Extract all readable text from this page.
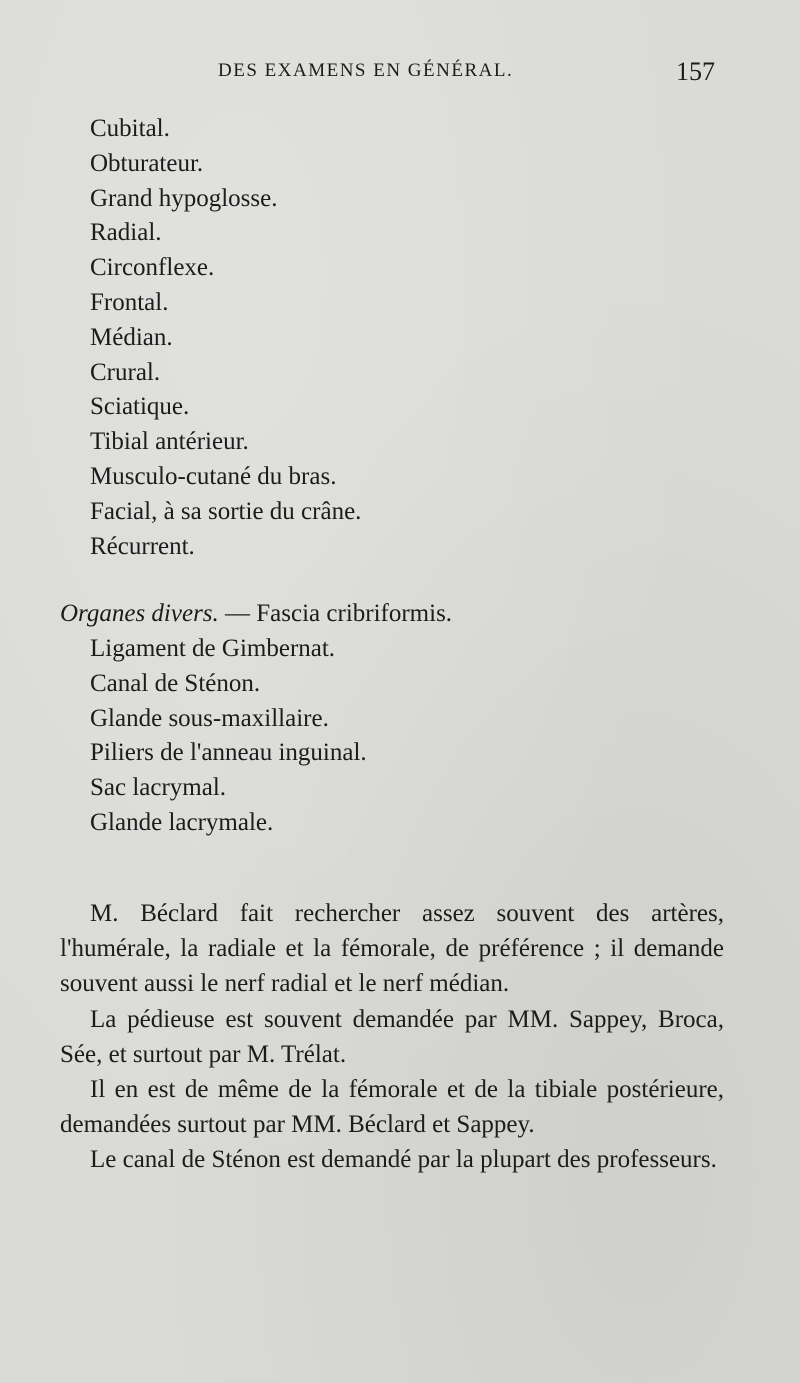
DES EXAMENS EN GÉNÉRAL.	157
Cubital.
Obturateur.
Grand hypoglosse.
Radial.
Circonflexe.
Frontal.
Médian.
Crural.
Sciatique.
Tibial antérieur.
Musculo-cutané du bras.
Facial, à sa sortie du crâne.
Récurrent.
Organes divers. — Fascia cribriformis.
Ligament de Gimbernat.
Canal de Sténon.
Glande sous-maxillaire.
Piliers de l'anneau inguinal.
Sac lacrymal.
Glande lacrymale.

M. Béclard fait rechercher assez souvent des artères, l'humérale, la radiale et la fémorale, de préférence ; il demande souvent aussi le nerf radial et le nerf médian.

La pédieuse est souvent demandée par MM. Sappey, Broca, Sée, et surtout par M. Trélat.

Il en est de même de la fémorale et de la tibiale postérieure, demandées surtout par MM. Béclard et Sappey.

Le canal de Sténon est demandé par la plupart des professeurs.
